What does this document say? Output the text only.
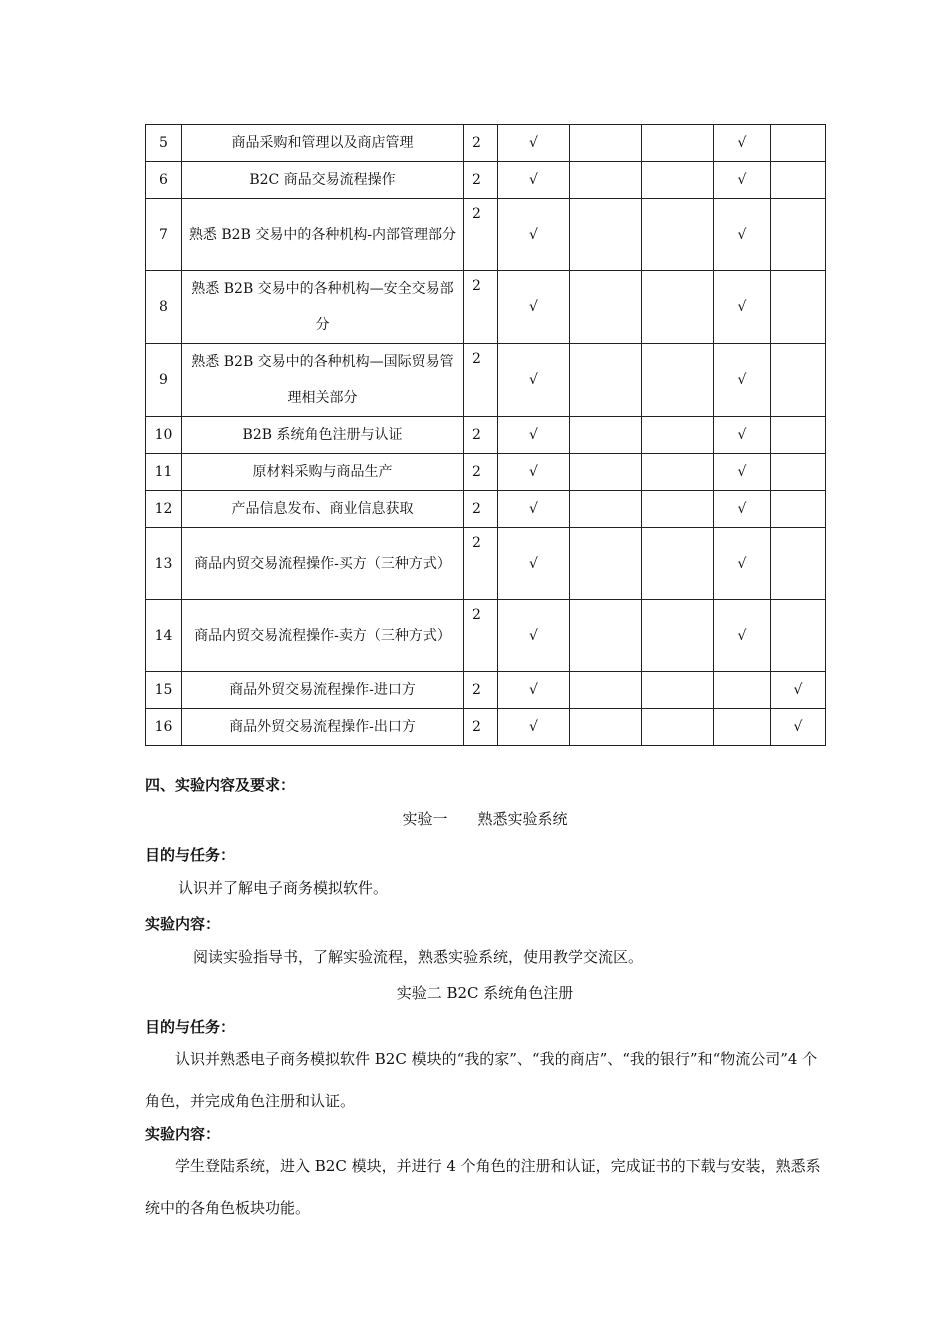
5	商品采购和管理以及商店管理	2	√			√	
6	B2C 商品交易流程操作	2	√			√	
7	熟悉 B2B 交易中的各种机构-内部管理部分	2	√			√	
8	熟悉 B2B 交易中的各种机构—安全交易部分	2	√			√	
9	熟悉 B2B 交易中的各种机构—国际贸易管理相关部分	2	√			√	
10	B2B 系统角色注册与认证	2	√			√	
11	原材料采购与商品生产	2	√			√	
12	产品信息发布、商业信息获取	2	√			√	
13	商品内贸交易流程操作-买方（三种方式）	2	√			√	
14	商品内贸交易流程操作-卖方（三种方式）	2	√			√	
15	商品外贸交易流程操作-进口方	2	√				√
16	商品外贸交易流程操作-出口方	2	√				√
四、实验内容及要求：
实验一　　熟悉实验系统
目的与任务：
认识并了解电子商务模拟软件。
实验内容：
阅读实验指导书，了解实验流程，熟悉实验系统，使用教学交流区。
实验二 B2C 系统角色注册
目的与任务：
认识并熟悉电子商务模拟软件 B2C 模块的“我的家”、“我的商店”、“我的银行”和“物流公司”4 个角色，并完成角色注册和认证。
实验内容：
学生登陆系统，进入 B2C 模块，并进行 4 个角色的注册和认证，完成证书的下载与安装，熟悉系统中的各角色板块功能。
